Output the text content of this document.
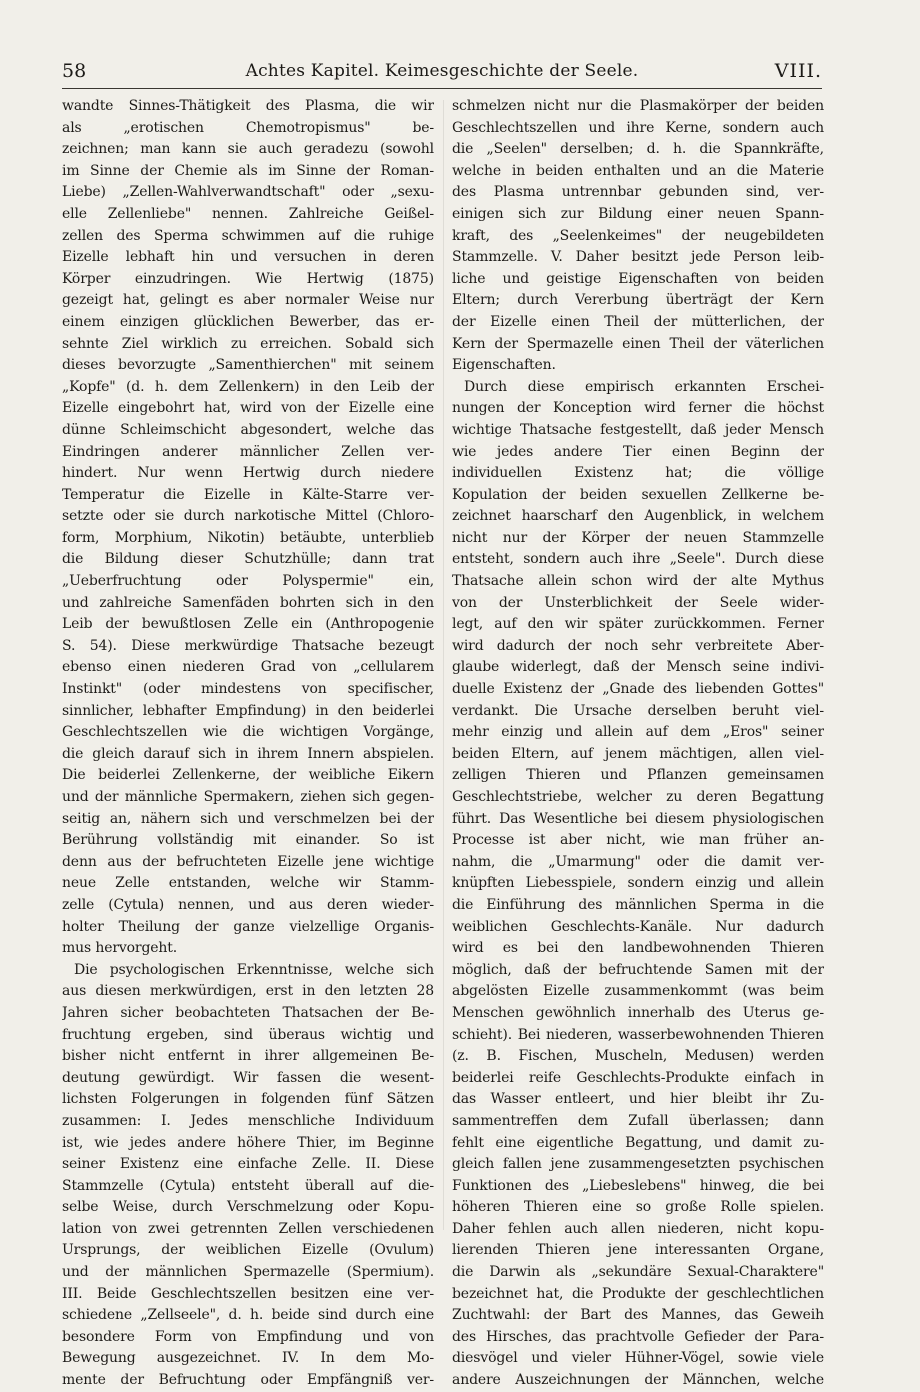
58	Achtes Kapitel. Keimesgeschichte der Seele.	VIII.
wandte Sinnes-Thätigkeit des Plasma, die wir
als „erotischen Chemotropismus" be-
zeichnen; man kann sie auch geradezu (sowohl
im Sinne der Chemie als im Sinne der Roman-
Liebe) „Zellen-Wahlverwandtschaft" oder „sexu-
elle Zellenliebe" nennen. Zahlreiche Geißel-
zellen des Sperma schwimmen auf die ruhige
Eizelle lebhaft hin und versuchen in deren
Körper einzudringen. Wie Hertwig (1875)
gezeigt hat, gelingt es aber normaler Weise nur
einem einzigen glücklichen Bewerber, das er-
sehnte Ziel wirklich zu erreichen. Sobald sich
dieses bevorzugte „Samenthierchen" mit seinem
„Kopfe" (d. h. dem Zellenkern) in den Leib der
Eizelle eingebohrt hat, wird von der Eizelle eine
dünne Schleimschicht abgesondert, welche das
Eindringen anderer männlicher Zellen ver-
hindert. Nur wenn Hertwig durch niedere
Temperatur die Eizelle in Kälte-Starre ver-
setzte oder sie durch narkotische Mittel (Chloro-
form, Morphium, Nikotin) betäubte, unterblieb
die Bildung dieser Schutzhülle; dann trat
„Ueberfruchtung oder Polyspermie" ein,
und zahlreiche Samenfäden bohrten sich in den
Leib der bewußtlosen Zelle ein (Anthropogenie
S. 54). Diese merkwürdige Thatsache bezeugt
ebenso einen niederen Grad von „cellularem
Instinkt" (oder mindestens von specifischer,
sinnlicher, lebhafter Empfindung) in den beiderlei
Geschlechtszellen wie die wichtigen Vorgänge,
die gleich darauf sich in ihrem Innern abspielen.
Die beiderlei Zellenkerne, der weibliche Eikern
und der männliche Spermakern, ziehen sich gegen-
seitig an, nähern sich und verschmelzen bei der
Berührung vollständig mit einander. So ist
denn aus der befruchteten Eizelle jene wichtige
neue Zelle entstanden, welche wir Stamm-
zelle (Cytula) nennen, und aus deren wieder-
holter Theilung der ganze vielzellige Organis-
mus hervorgeht.
Die psychologischen Erkenntnisse, welche sich
aus diesen merkwürdigen, erst in den letzten 28
Jahren sicher beobachteten Thatsachen der Be-
fruchtung ergeben, sind überaus wichtig und
bisher nicht entfernt in ihrer allgemeinen Be-
deutung gewürdigt. Wir fassen die wesent-
lichsten Folgerungen in folgenden fünf Sätzen
zusammen: I. Jedes menschliche Individuum
ist, wie jedes andere höhere Thier, im Beginne
seiner Existenz eine einfache Zelle. II. Diese
Stammzelle (Cytula) entsteht überall auf die-
selbe Weise, durch Verschmelzung oder Kopu-
lation von zwei getrennten Zellen verschiedenen
Ursprungs, der weiblichen Eizelle (Ovulum)
und der männlichen Spermazelle (Spermium).
III. Beide Geschlechtszellen besitzen eine ver-
schiedene „Zellseele", d. h. beide sind durch eine
besondere Form von Empfindung und von
Bewegung ausgezeichnet. IV. In dem Mo-
mente der Befruchtung oder Empfängniß ver-
schmelzen nicht nur die Plasmakörper der beiden
Geschlechtszellen und ihre Kerne, sondern auch
die „Seelen" derselben; d. h. die Spannkräfte,
welche in beiden enthalten und an die Materie
des Plasma untrennbar gebunden sind, ver-
einigen sich zur Bildung einer neuen Spann-
kraft, des „Seelenkeimes" der neugebildeten
Stammzelle. V. Daher besitzt jede Person leib-
liche und geistige Eigenschaften von beiden
Eltern; durch Vererbung überträgt der Kern
der Eizelle einen Theil der mütterlichen, der
Kern der Spermazelle einen Theil der väterlichen
Eigenschaften.
Durch diese empirisch erkannten Erschei-
nungen der Konception wird ferner die höchst
wichtige Thatsache festgestellt, daß jeder Mensch
wie jedes andere Tier einen Beginn der
individuellen Existenz hat; die völlige
Kopulation der beiden sexuellen Zellkerne be-
zeichnet haarscharf den Augenblick, in welchem
nicht nur der Körper der neuen Stammzelle
entsteht, sondern auch ihre „Seele". Durch diese
Thatsache allein schon wird der alte Mythus
von der Unsterblichkeit der Seele wider-
legt, auf den wir später zurückkommen. Ferner
wird dadurch der noch sehr verbreitete Aber-
glaube widerlegt, daß der Mensch seine indivi-
duelle Existenz der „Gnade des liebenden Gottes"
verdankt. Die Ursache derselben beruht viel-
mehr einzig und allein auf dem „Eros" seiner
beiden Eltern, auf jenem mächtigen, allen viel-
zelligen Thieren und Pflanzen gemeinsamen
Geschlechtstriebe, welcher zu deren Begattung
führt. Das Wesentliche bei diesem physiologischen
Processe ist aber nicht, wie man früher an-
nahm, die „Umarmung" oder die damit ver-
knüpften Liebesspiele, sondern einzig und allein
die Einführung des männlichen Sperma in die
weiblichen Geschlechts-Kanäle. Nur dadurch
wird es bei den landbewohnenden Thieren
möglich, daß der befruchtende Samen mit der
abgelösten Eizelle zusammenkommt (was beim
Menschen gewöhnlich innerhalb des Uterus ge-
schieht). Bei niederen, wasserbewohnenden Thieren
(z. B. Fischen, Muscheln, Medusen) werden
beiderlei reife Geschlechts-Produkte einfach in
das Wasser entleert, und hier bleibt ihr Zu-
sammentreffen dem Zufall überlassen; dann
fehlt eine eigentliche Begattung, und damit zu-
gleich fallen jene zusammengesetzten psychischen
Funktionen des „Liebeslebens" hinweg, die bei
höheren Thieren eine so große Rolle spielen.
Daher fehlen auch allen niederen, nicht kopu-
lierenden Thieren jene interessanten Organe,
die Darwin als „sekundäre Sexual-Charaktere"
bezeichnet hat, die Produkte der geschlechtlichen
Zuchtwahl: der Bart des Mannes, das Geweih
des Hirsches, das prachtvolle Gefieder der Para-
diesvögel und vieler Hühner-Vögel, sowie viele
andere Auszeichnungen der Männchen, welche
